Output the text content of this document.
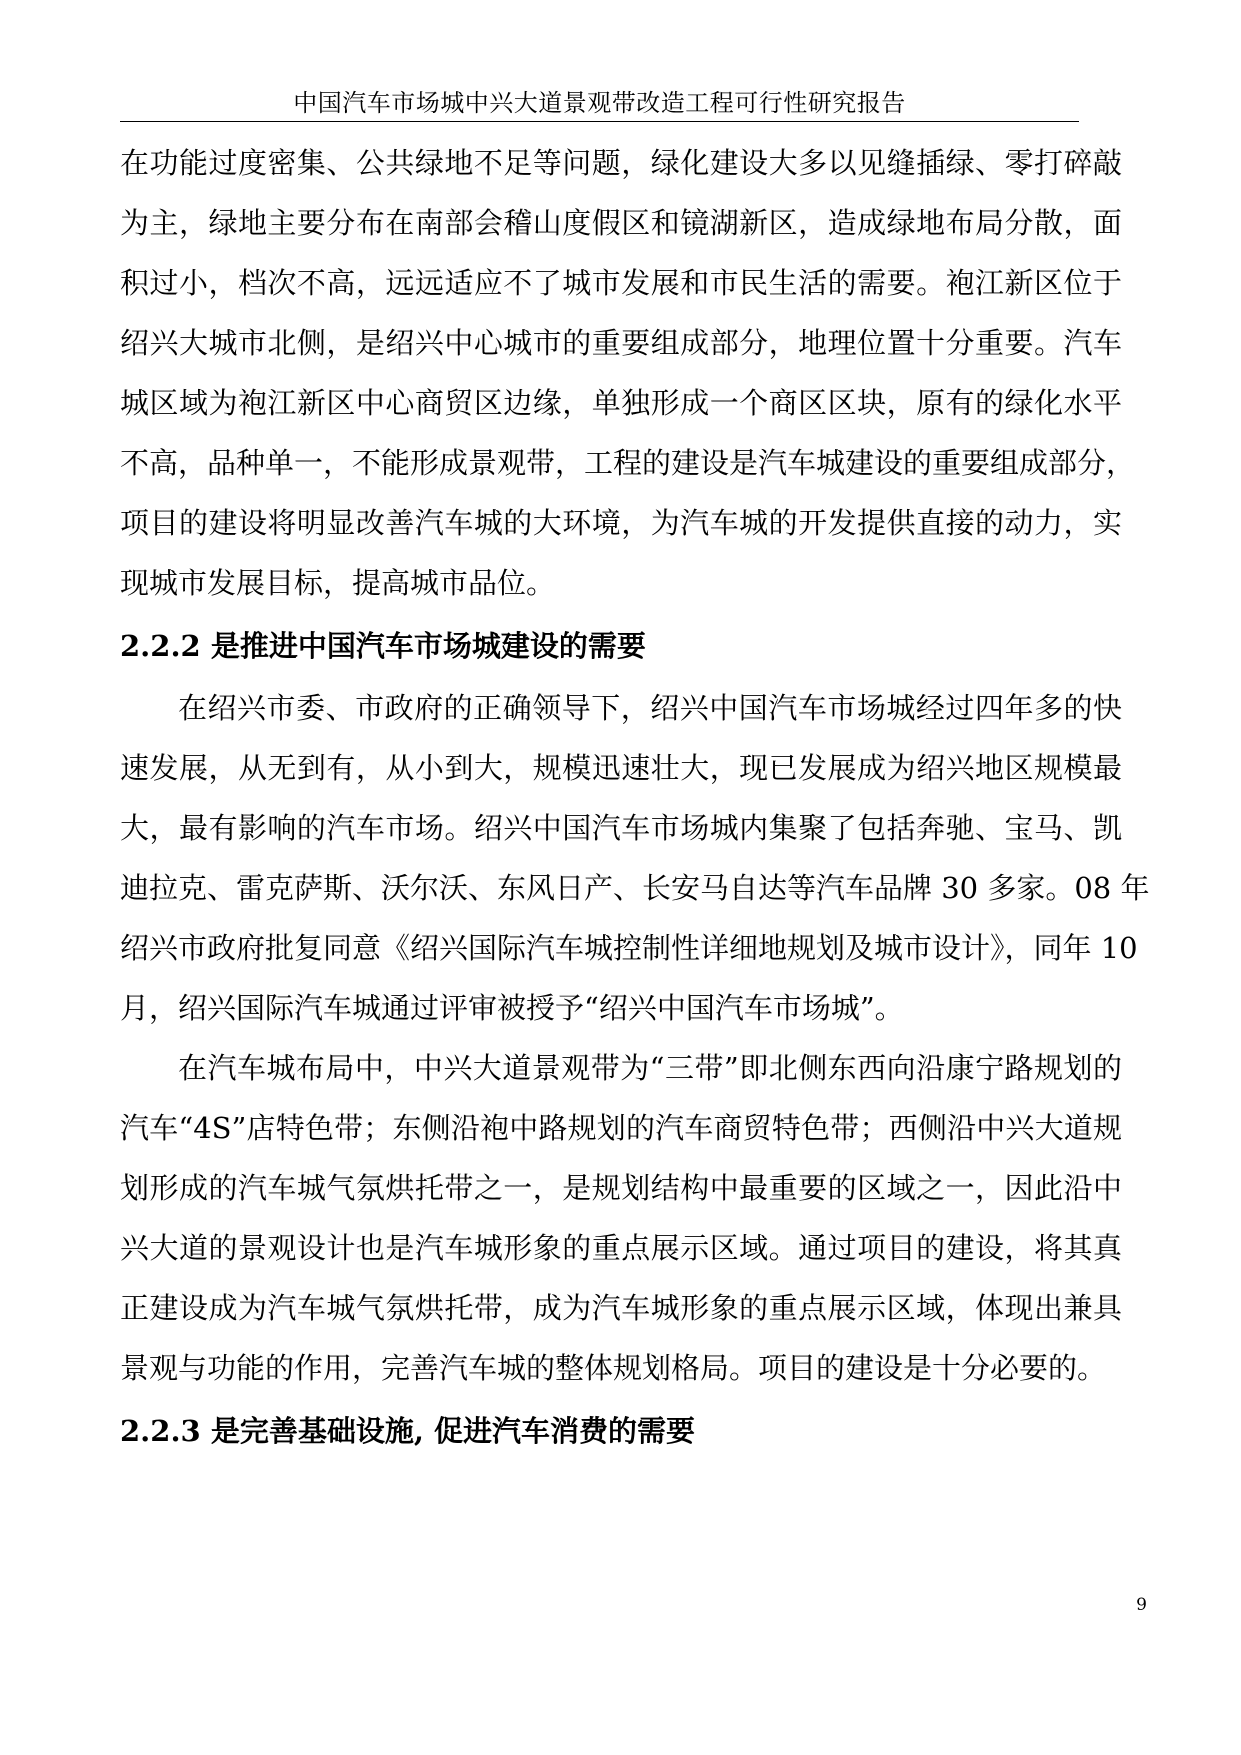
中国汽车市场城中兴大道景观带改造工程可行性研究报告
在功能过度密集、公共绿地不足等问题，绿化建设大多以见缝插绿、零打碎敲
为主，绿地主要分布在南部会稽山度假区和镜湖新区，造成绿地布局分散，面
积过小，档次不高，远远适应不了城市发展和市民生活的需要。袍江新区位于
绍兴大城市北侧，是绍兴中心城市的重要组成部分，地理位置十分重要。汽车
城区域为袍江新区中心商贸区边缘，单独形成一个商区区块，原有的绿化水平
不高，品种单一，不能形成景观带，工程的建设是汽车城建设的重要组成部分，
项目的建设将明显改善汽车城的大环境，为汽车城的开发提供直接的动力，实
现城市发展目标，提高城市品位。
2.2.2 是推进中国汽车市场城建设的需要
在绍兴市委、市政府的正确领导下，绍兴中国汽车市场城经过四年多的快
速发展，从无到有，从小到大，规模迅速壮大，现已发展成为绍兴地区规模最
大，最有影响的汽车市场。绍兴中国汽车市场城内集聚了包括奔驰、宝马、凯
迪拉克、雷克萨斯、沃尔沃、东风日产、长安马自达等汽车品牌 30 多家。08 年
绍兴市政府批复同意《绍兴国际汽车城控制性详细地规划及城市设计》，同年 10
月，绍兴国际汽车城通过评审被授予“绍兴中国汽车市场城”。
在汽车城布局中，中兴大道景观带为“三带”即北侧东西向沿康宁路规划的
汽车“4S”店特色带；东侧沿袍中路规划的汽车商贸特色带；西侧沿中兴大道规
划形成的汽车城气氛烘托带之一，是规划结构中最重要的区域之一，因此沿中
兴大道的景观设计也是汽车城形象的重点展示区域。通过项目的建设，将其真
正建设成为汽车城气氛烘托带，成为汽车城形象的重点展示区域，体现出兼具
景观与功能的作用，完善汽车城的整体规划格局。项目的建设是十分必要的。
2.2.3 是完善基础设施, 促进汽车消费的需要
9
